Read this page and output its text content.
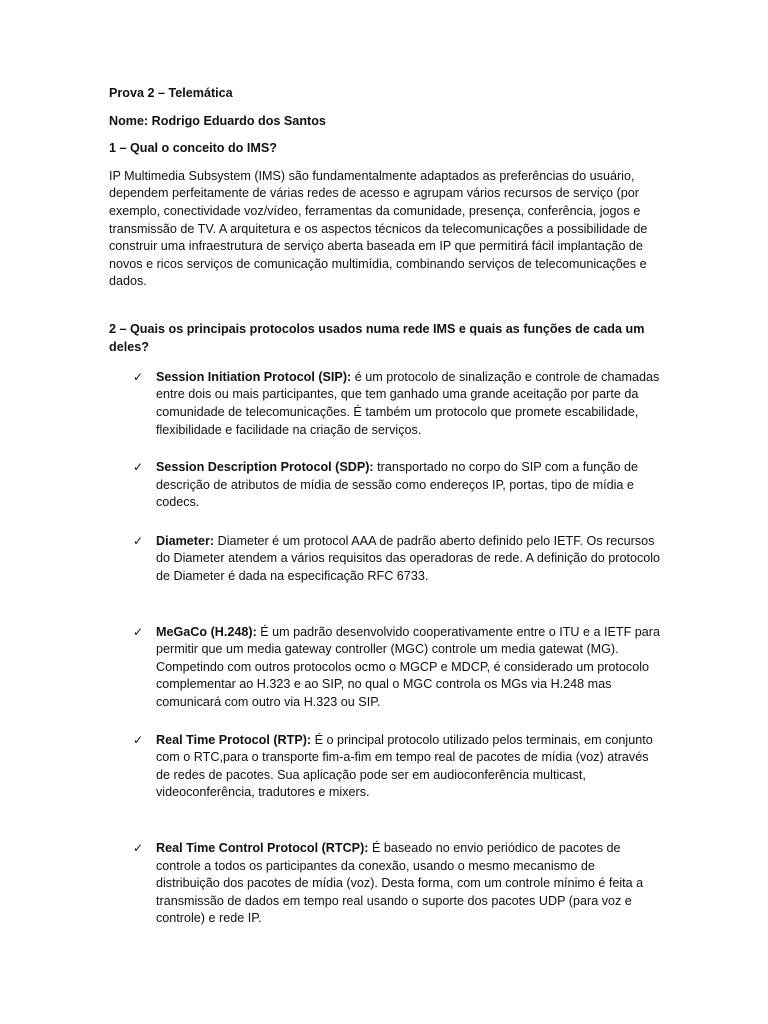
Prova 2 – Telemática

Nome: Rodrigo Eduardo dos Santos

1 – Qual o conceito do IMS?

IP Multimedia Subsystem (IMS) são fundamentalmente adaptados as preferências do usuário, dependem perfeitamente de várias redes de acesso e agrupam vários recursos de serviço (por exemplo, conectividade voz/vídeo, ferramentas da comunidade, presença, conferência, jogos e transmissão de TV. A arquitetura e os aspectos técnicos da telecomunicações a possibilidade de construir uma infraestrutura de serviço aberta baseada em IP que permitirá fácil implantação de novos e ricos serviços de comunicação multimídia, combinando serviços de telecomunicações e dados.

2 – Quais os principais protocolos usados numa rede IMS e quais as funções de cada um deles?

✓ Session Initiation Protocol (SIP): é um protocolo de sinalização e controle de chamadas entre dois ou mais participantes, que tem ganhado uma grande aceitação por parte da comunidade de telecomunicações. É também um protocolo que promete escabilidade, flexibilidade e facilidade na criação de serviços.
✓ Session Description Protocol (SDP): transportado no corpo do SIP com a função de descrição de atributos de mídia de sessão como endereços IP, portas, tipo de mídia e codecs.
✓ Diameter: Diameter é um protocol AAA de padrão aberto definido pelo IETF. Os recursos do Diameter atendem a vários requisitos das operadoras de rede. A definição do protocolo de Diameter é dada na especificação RFC 6733.
✓ MeGaCo (H.248): É um padrão desenvolvido cooperativamente entre o ITU e a IETF para permitir que um media gateway controller (MGC) controle um media gatewat (MG). Competindo com outros protocolos ocmo o MGCP e MDCP, é considerado um protocolo complementar ao H.323 e ao SIP, no qual o MGC controla os MGs via H.248 mas comunicará com outro via H.323 ou SIP.
✓ Real Time Protocol (RTP): É o principal protocolo utilizado pelos terminais, em conjunto com o RTC,para o transporte fim-a-fim em tempo real de pacotes de mídia (voz) através de redes de pacotes. Sua aplicação pode ser em audioconferência multicast, videoconferência, tradutores e mixers.
✓ Real Time Control Protocol (RTCP): É baseado no envio periódico de pacotes de controle a todos os participantes da conexão, usando o mesmo mecanismo de distribuição dos pacotes de mídia (voz). Desta forma, com um controle mínimo é feita a transmissão de dados em tempo real usando o suporte dos pacotes UDP (para voz e controle) e rede IP.
